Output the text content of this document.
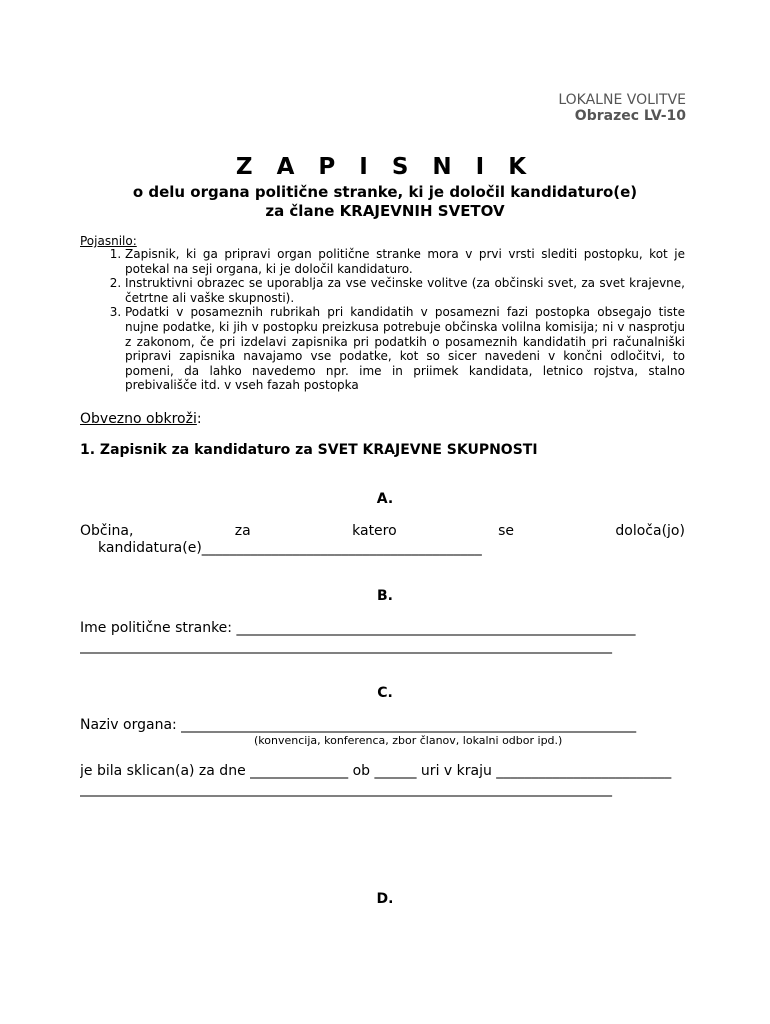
LOKALNE VOLITVE
Obrazec LV-10
Z A P I S N I K
o delu organa politične stranke, ki je določil kandidaturo(e)
za člane KRAJEVNIH SVETOV
Pojasnilo:
1. Zapisnik, ki ga pripravi organ politične stranke mora v prvi vrsti slediti postopku, kot je potekal na seji organa, ki je določil kandidaturo.
2. Instruktivni obrazec se uporablja za vse večinske volitve (za občinski svet, za svet krajevne, četrtne ali vaške skupnosti).
3. Podatki v posameznih rubrikah pri kandidatih v posamezni fazi postopka obsegajo tiste nujne podatke, ki jih v postopku preizkusa potrebuje občinska volilna komisija; ni v nasprotju z zakonom, če pri izdelavi zapisnika pri podatkih o posameznih kandidatih pri računalniški pripravi zapisnika navajamo vse podatke, kot so sicer navedeni v končni odločitvi, to pomeni, da lahko navedemo npr. ime in priimek kandidata, letnico rojstva, stalno prebivališče itd. v vseh fazah postopka
Obvezno obkroži:
1. Zapisnik za kandidaturo za SVET KRAJEVNE SKUPNOSTI
A.
Občina,	za	katero	se	določa(jo)
kandidatura(e)________________________________________
B.
Ime politične stranke: _________________________________________________________
____________________________________________________________________________
C.
Naziv organa: _________________________________________________________________
(konvencija, konferenca, zbor članov, lokalni odbor ipd.)
je bila sklican(a) za dne ______________ ob ______ uri v kraju _________________________
____________________________________________________________________________
D.
